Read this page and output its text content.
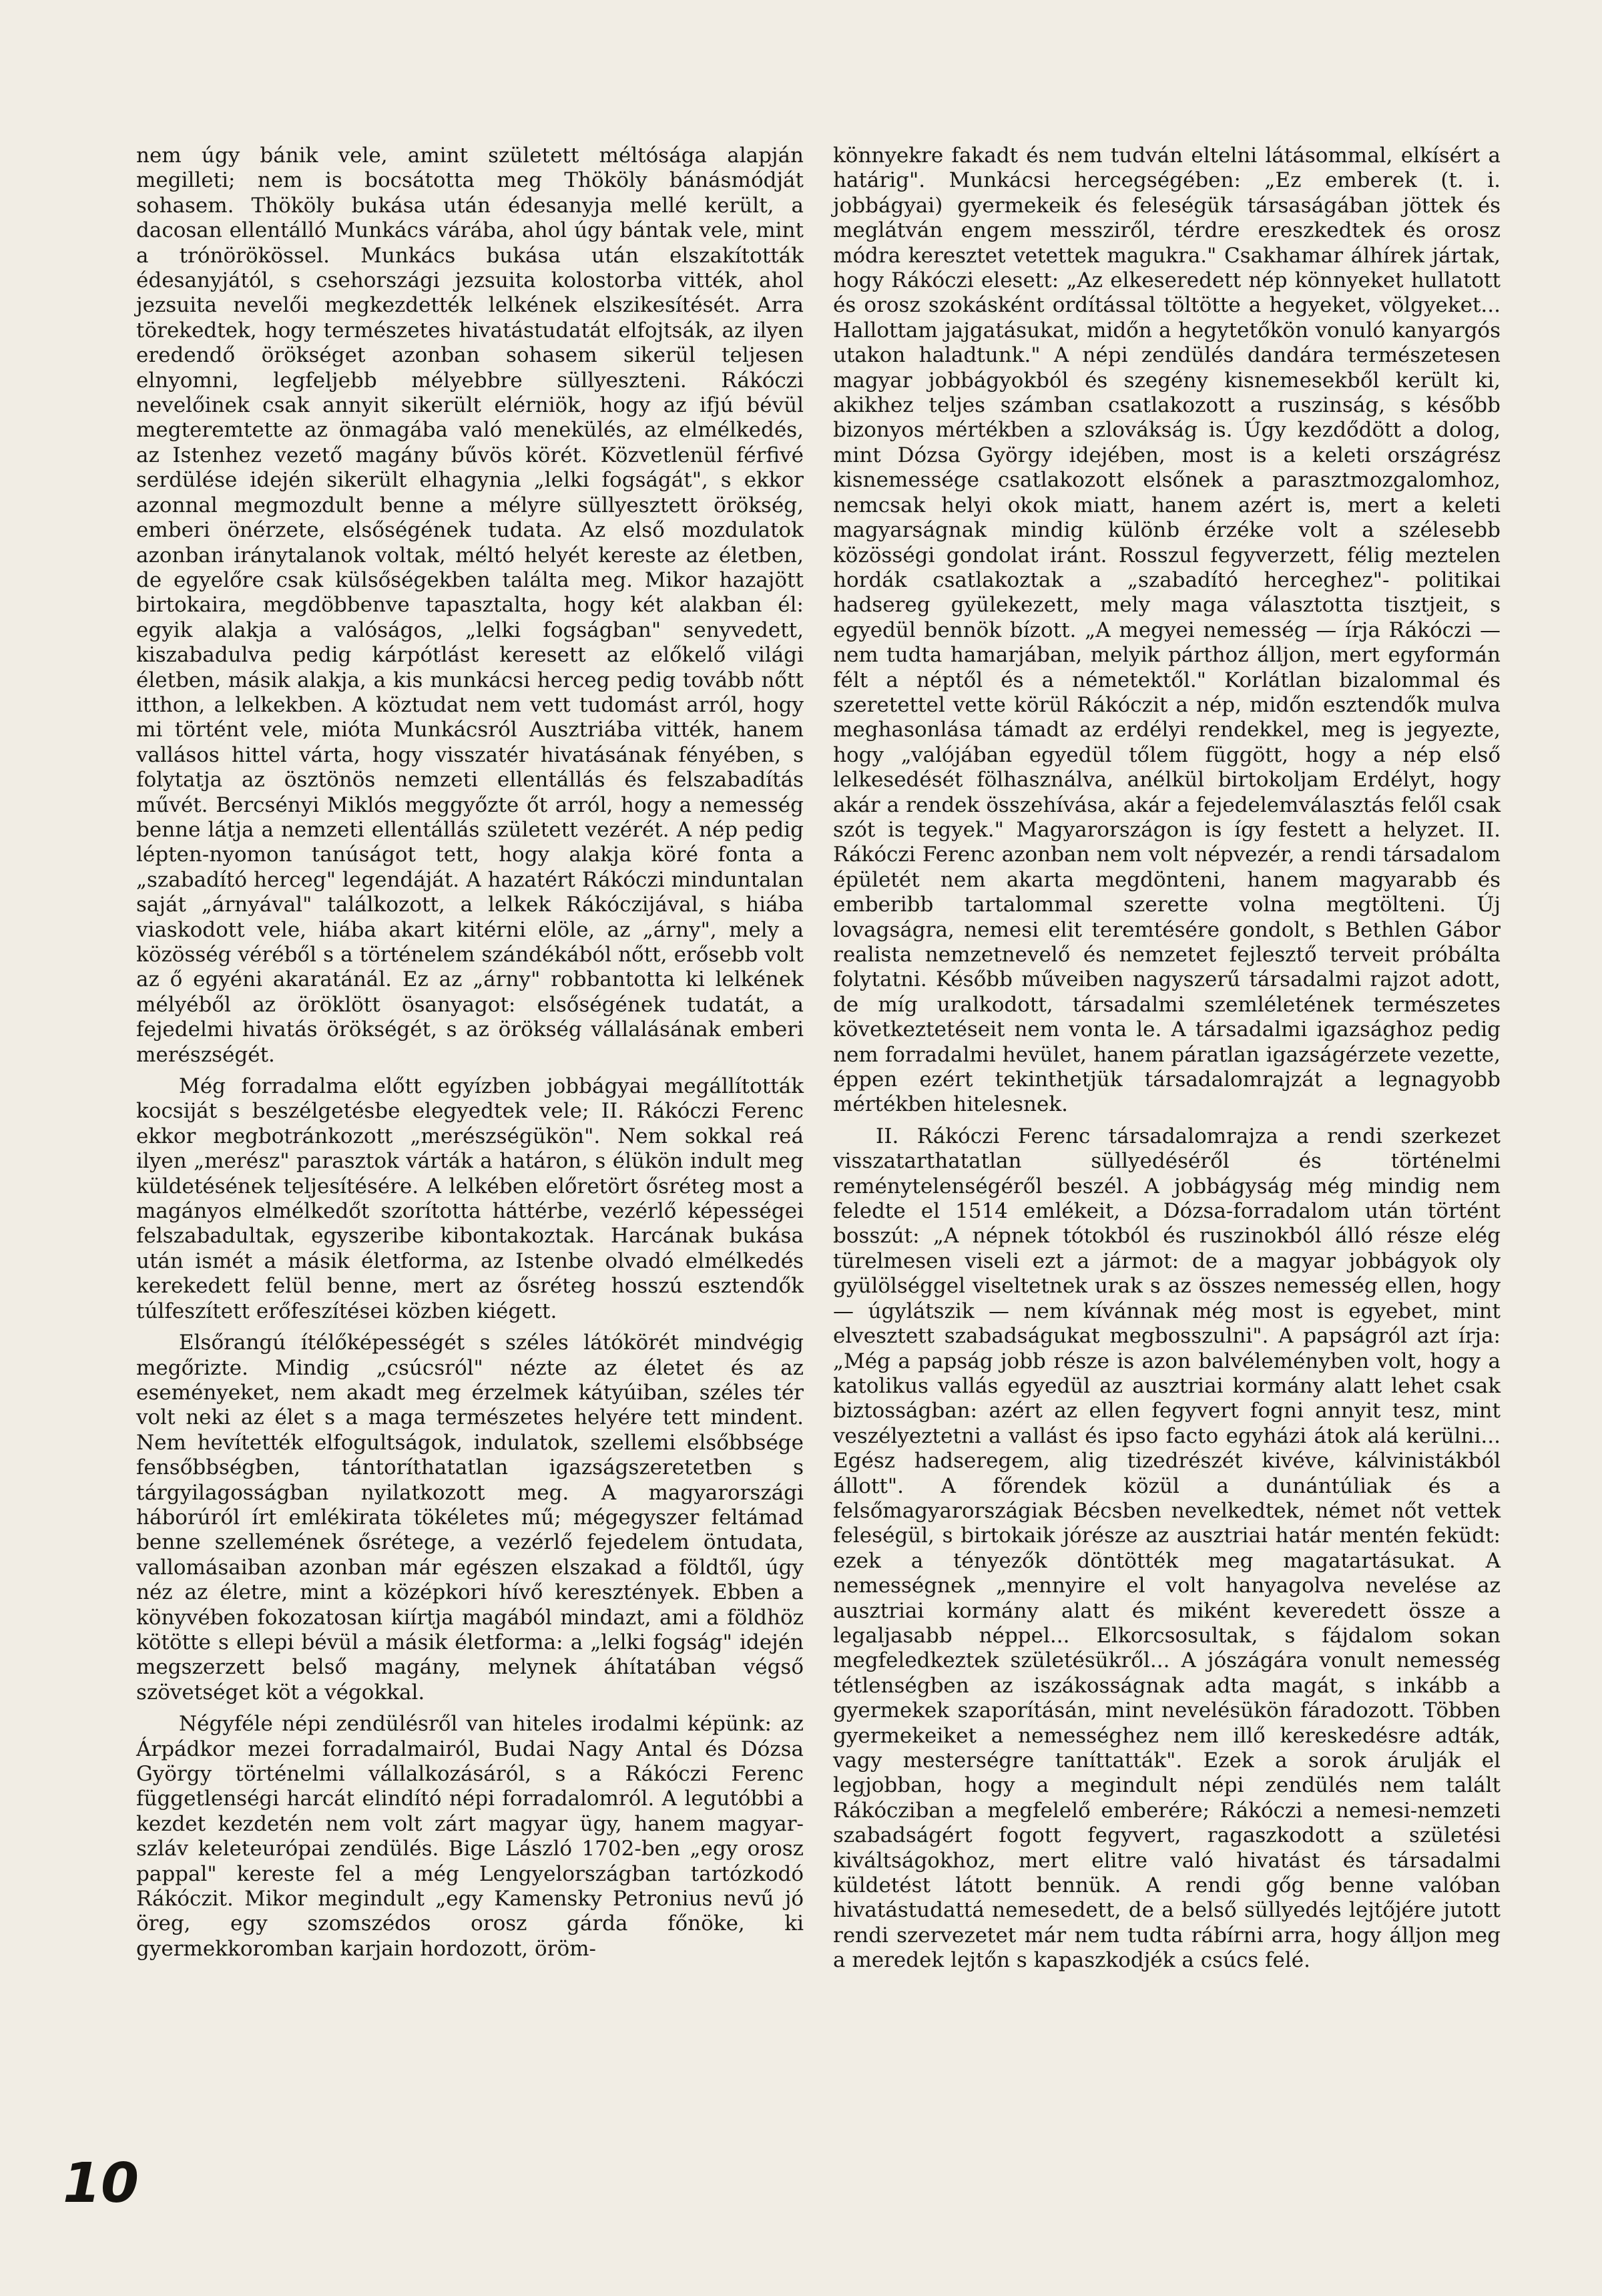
nem úgy bánik vele, amint született méltósága alapján megilleti; nem is bocsátotta meg Thököly bánásmódját sohasem. Thököly bukása után édesanyja mellé került, a dacosan ellentálló Munkács várába, ahol úgy bántak vele, mint a trónörökössel. Munkács bukása után elszakították édesanyjától, s csehországi jezsuita kolostorba vitték, ahol jezsuita nevelői megkezdették lelkének elszikesítését. Arra törekedtek, hogy természetes hivatástudatát elfojtsák, az ilyen eredendő örökséget azonban sohasem sikerül teljesen elnyomni, legfeljebb mélyebbre süllyeszteni. Rákóczi nevelőinek csak annyit sikerült elérniök, hogy az ifjú bévül megteremtette az önmagába való menekülés, az elmélkedés, az Istenhez vezető magány bűvös körét. Közvetlenül férfivé serdülése idején sikerült elhagynia „lelki fogságát", s ekkor azonnal megmozdult benne a mélyre süllyesztett örökség, emberi önérzete, elsőségének tudata. Az első mozdulatok azonban iránytalanok voltak, méltó helyét kereste az életben, de egyelőre csak külsőségekben találta meg. Mikor hazajött birtokaira, megdöbbenve tapasztalta, hogy két alakban él: egyik alakja a valóságos, „lelki fogságban" senyvedett, kiszabadulva pedig kárpótlást keresett az előkelő világi életben, másik alakja, a kis munkácsi herceg pedig tovább nőtt itthon, a lelkekben. A köztudat nem vett tudomást arról, hogy mi történt vele, mióta Munkácsról Ausztriába vitték, hanem vallásos hittel várta, hogy visszatér hivatásának fényében, s folytatja az ösztönös nemzeti ellentállás és felszabadítás művét. Bercsényi Miklós meggyőzte őt arról, hogy a nemesség benne látja a nemzeti ellentállás született vezérét. A nép pedig lépten-nyomon tanúságot tett, hogy alakja köré fonta a „szabadító herceg" legendáját. A hazatért Rákóczi minduntalan saját „árnyával" találkozott, a lelkek Rákóczijával, s hiába viaskodott vele, hiába akart kitérni elöle, az „árny", mely a közösség véréből s a történelem szándékából nőtt, erősebb volt az ő egyéni akaratánál. Ez az „árny" robbantotta ki lelkének mélyéből az öröklött ösanyagot: elsőségének tudatát, a fejedelmi hivatás örökségét, s az örökség vállalásának emberi merészségét.

Még forradalma előtt egyízben jobbágyai megállították kocsiját s beszélgetésbe elegyedtek vele; II. Rákóczi Ferenc ekkor megbotránkozott „merészségükön". Nem sokkal reá ilyen „merész" parasztok várták a határon, s élükön indult meg küldetésének teljesítésére. A lelkében előretört ősréteg most a magányos elmélkedőt szorította háttérbe, vezérlő képességei felszabadultak, egyszeribe kibontakoztak. Harcának bukása után ismét a másik életforma, az Istenbe olvadó elmélkedés kerekedett felül benne, mert az ősréteg hosszú esztendők túlfeszített erőfeszítései közben kiégett.

Elsőrangú ítélőképességét s széles látókörét mindvégig megőrizte. Mindig „csúcsról" nézte az életet és az eseményeket, nem akadt meg érzelmek kátyúiban, széles tér volt neki az élet s a maga természetes helyére tett mindent. Nem hevítették elfogultságok, indulatok, szellemi elsőbbsége fensőbbségben, tántoríthatatlan igazságszeretetben s tárgyilagosságban nyilatkozott meg. A magyarországi háborúról írt emlékirata tökéletes mű; mégegyszer feltámad benne szellemének ősrétege, a vezérlő fejedelem öntudata, vallomásaiban azonban már egészen elszakad a földtől, úgy néz az életre, mint a középkori hívő keresztények. Ebben a könyvében fokozatosan kiírtja magából mindazt, ami a földhöz kötötte s ellepi bévül a másik életforma: a „lelki fogság" idején megszerzett belső magány, melynek áhítatában végső szövetséget köt a végokkal.

Négyféle népi zendülésről van hiteles irodalmi képünk: az Árpádkor mezei forradalmairól, Budai Nagy Antal és Dózsa György történelmi vállalkozásáról, s a Rákóczi Ferenc függetlenségi harcát elindító népi forradalomról. A legutóbbi a kezdet kezdetén nem volt zárt magyar ügy, hanem magyar-szláv keleteurópai zendülés. Bige László 1702-ben „egy orosz pappal" kereste fel a még Lengyelországban tartózkodó Rákóczit. Mikor megindult „egy Kamensky Petronius nevű jó öreg, egy szomszédos orosz gárda főnöke, ki gyermekkoromban karjain hordozott, öröm-

könnyekre fakadt és nem tudván eltelni látásommal, elkísért a határig". Munkácsi hercegségében: „Ez emberek (t. i. jobbágyai) gyermekeik és feleségük társaságában jöttek és meglátván engem messziről, térdre ereszkedtek és orosz módra keresztet vetettek magukra." Csakhamar álhírek jártak, hogy Rákóczi elesett: „Az elkeseredett nép könnyeket hullatott és orosz szokásként ordítással töltötte a hegyeket, völgyeket... Hallottam jajgatásukat, midőn a hegytetőkön vonuló kanyargós utakon haladtunk." A népi zendülés dandára természetesen magyar jobbágyokból és szegény kisnemesekből került ki, akikhez teljes számban csatlakozott a ruszinság, s később bizonyos mértékben a szlovákság is. Úgy kezdődött a dolog, mint Dózsa György idejében, most is a keleti országrész kisnemessége csatlakozott elsőnek a parasztmozgalomhoz, nemcsak helyi okok miatt, hanem azért is, mert a keleti magyarságnak mindig különb érzéke volt a szélesebb közösségi gondolat iránt. Rosszul fegyverzett, félig meztelen hordák csatlakoztak a „szabadító herceghez"- politikai hadsereg gyülekezett, mely maga választotta tisztjeit, s egyedül bennök bízott. „A megyei nemesség — írja Rákóczi — nem tudta hamarjában, melyik párthoz álljon, mert egyformán félt a néptől és a németektől." Korlátlan bizalommal és szeretettel vette körül Rákóczit a nép, midőn esztendők mulva meghasonlása támadt az erdélyi rendekkel, meg is jegyezte, hogy „valójában egyedül tőlem függött, hogy a nép első lelkesedését fölhasználva, anélkül birtokoljam Erdélyt, hogy akár a rendek összehívása, akár a fejedelemválasztás felől csak szót is tegyek." Magyarországon is így festett a helyzet. II. Rákóczi Ferenc azonban nem volt népvezér, a rendi társadalom épületét nem akarta megdönteni, hanem magyarabb és emberibb tartalommal szerette volna megtölteni. Új lovagságra, nemesi elit teremtésére gondolt, s Bethlen Gábor realista nemzetnevelő és nemzetet fejlesztő terveit próbálta folytatni. Később műveiben nagyszerű társadalmi rajzot adott, de míg uralkodott, társadalmi szemléletének természetes következtetéseit nem vonta le. A társadalmi igazsághoz pedig nem forradalmi hevület, hanem páratlan igazságérzete vezette, éppen ezért tekinthetjük társadalomrajzát a legnagyobb mértékben hitelesnek.

II. Rákóczi Ferenc társadalomrajza a rendi szerkezet visszatarthatatlan süllyedéséről és történelmi reménytelenségéről beszél. A jobbágyság még mindig nem feledte el 1514 emlékeit, a Dózsa-forradalom után történt bosszút: „A népnek tótokból és ruszinokból álló része elég türelmesen viseli ezt a jármot: de a magyar jobbágyok oly gyülölséggel viseltetnek urak s az összes nemesség ellen, hogy — úgylátszik — nem kívánnak még most is egyebet, mint elvesztett szabadságukat megbosszulni". A papságról azt írja: „Még a papság jobb része is azon balvéleményben volt, hogy a katolikus vallás egyedül az ausztriai kormány alatt lehet csak biztosságban: azért az ellen fegyvert fogni annyit tesz, mint veszélyeztetni a vallást és ipso facto egyházi átok alá kerülni... Egész hadseregem, alig tizedrészét kivéve, kálvinistákból állott". A főrendek közül a dunántúliak és a felsőmagyarországiak Bécsben nevelkedtek, német nőt vettek feleségül, s birtokaik jórésze az ausztriai határ mentén feküdt: ezek a tényezők döntötték meg magatartásukat. A nemességnek „mennyire el volt hanyagolva nevelése az ausztriai kormány alatt és miként keveredett össze a legaljasabb néppel... Elkorcsosultak, s fájdalom sokan megfeledkeztek születésükről... A jószágára vonult nemesség tétlenségben az iszákosságnak adta magát, s inkább a gyermekek szaporításán, mint nevelésükön fáradozott. Többen gyermekeiket a nemességhez nem illő kereskedésre adták, vagy mesterségre taníttatták". Ezek a sorok árulják el legjobban, hogy a megindult népi zendülés nem talált Rákócziban a megfelelő emberére; Rákóczi a nemesi-nemzeti szabadságért fogott fegyvert, ragaszkodott a születési kiváltságokhoz, mert elitre való hivatást és társadalmi küldetést látott bennük. A rendi gőg benne valóban hivatástudattá nemesedett, de a belső süllyedés lejtőjére jutott rendi szervezetet már nem tudta rábírni arra, hogy álljon meg a meredek lejtőn s kapaszkodjék a csúcs felé.

10
